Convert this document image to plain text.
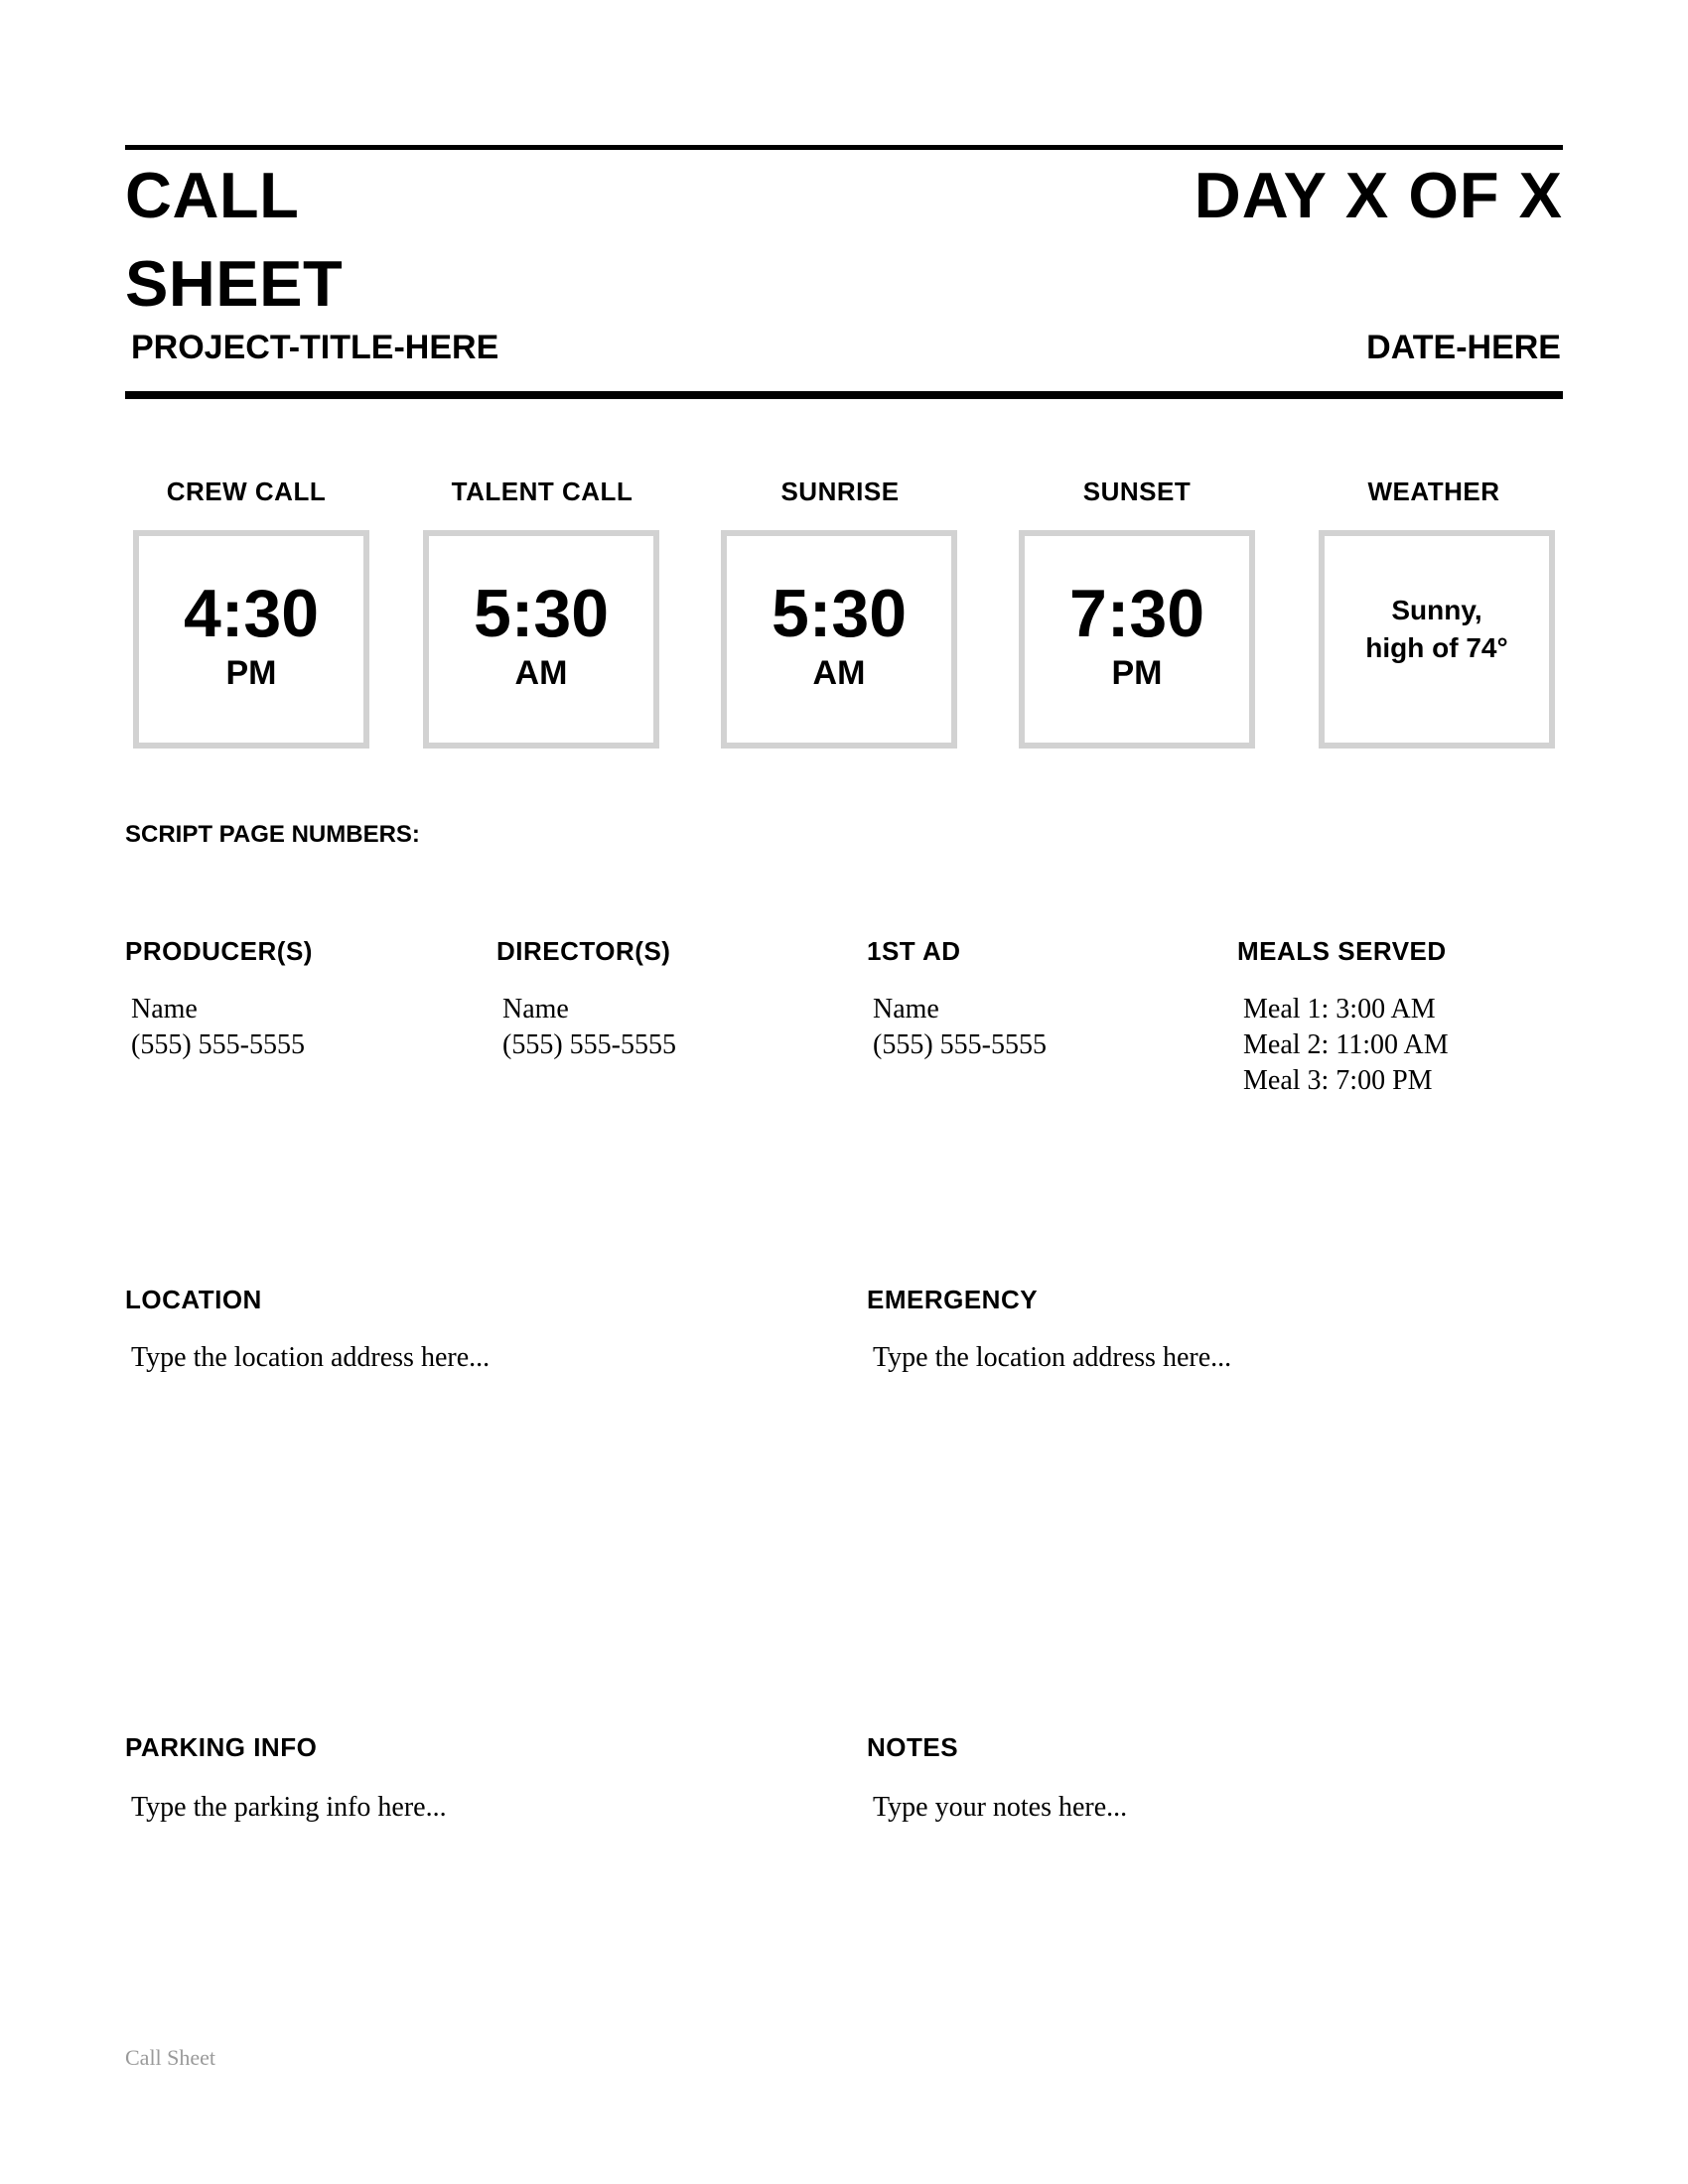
CALL
SHEET
DAY X OF X
PROJECT-TITLE-HERE	DATE-HERE
CREW CALL	TALENT CALL	SUNRISE	SUNSET	WEATHER
4:30
PM
5:30
AM
5:30
AM
7:30
PM
Sunny,
high of 74°
SCRIPT PAGE NUMBERS:
PRODUCER(S)
Name
(555) 555-5555
DIRECTOR(S)
Name
(555) 555-5555
1ST AD
Name
(555) 555-5555
MEALS SERVED
Meal 1: 3:00 AM
Meal 2: 11:00 AM
Meal 3: 7:00 PM
LOCATION
Type the location address here...
EMERGENCY
Type the location address here...
PARKING INFO
Type the parking info here...
NOTES
Type your notes here...
Call Sheet
